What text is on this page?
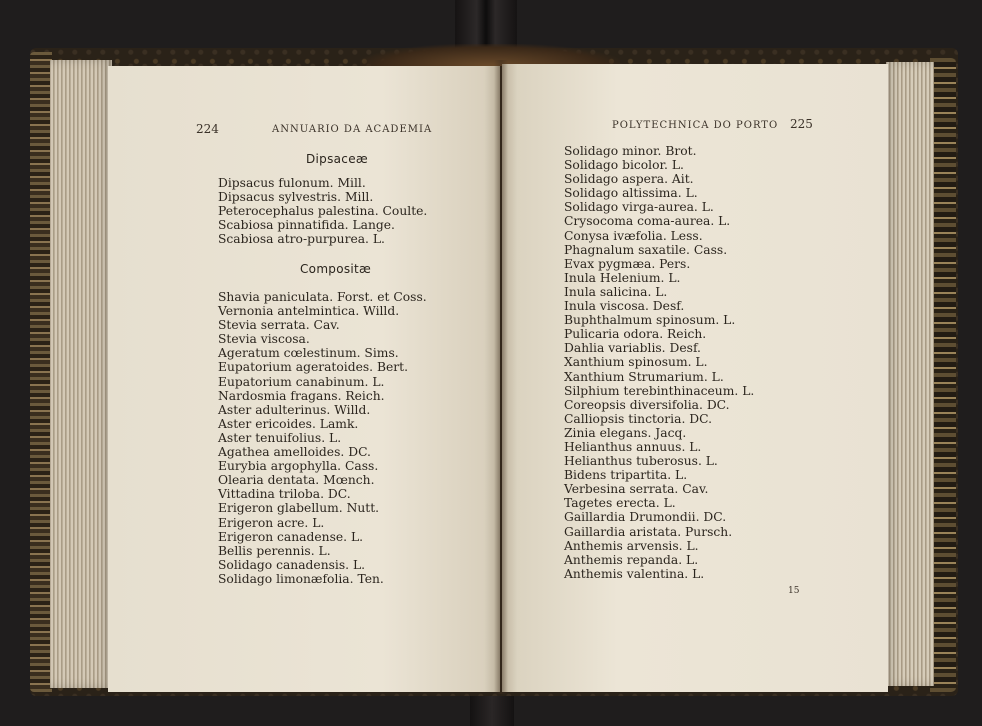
224	ANNUARIO DA ACADEMIA
Dipsaceæ
Dipsacus fulonum. Mill.
Dipsacus sylvestris. Mill.
Peterocephalus palestina. Coulte.
Scabiosa pinnatifida. Lange.
Scabiosa atro-purpurea. L.
Compositæ
Shavia paniculata. Forst. et Coss.
Vernonia antelmintica. Willd.
Stevia serrata. Cav.
Stevia viscosa.
Ageratum cœlestinum. Sims.
Eupatorium ageratoides. Bert.
Eupatorium canabinum. L.
Nardosmia fragans. Reich.
Aster adulterinus. Willd.
Aster ericoides. Lamk.
Aster tenuifolius. L.
Agathea amelloides. DC.
Eurybia argophylla. Cass.
Olearia dentata. Mœnch.
Vittadina triloba. DC.
Erigeron glabellum. Nutt.
Erigeron acre. L.
Erigeron canadense. L.
Bellis perennis. L.
Solidago canadensis. L.
Solidago limonæfolia. Ten.
POLYTECHNICA DO PORTO 225
Solidago minor. Brot.
Solidago bicolor. L.
Solidago aspera. Ait.
Solidago altissima. L.
Solidago virga-aurea. L.
Crysocoma coma-aurea. L.
Conysa ivæfolia. Less.
Phagnalum saxatile. Cass.
Evax pygmæa. Pers.
Inula Helenium. L.
Inula salicina. L.
Inula viscosa. Desf.
Buphthalmum spinosum. L.
Pulicaria odora. Reich.
Dahlia variablis. Desf.
Xanthium spinosum. L.
Xanthium Strumarium. L.
Silphium terebinthinaceum. L.
Coreopsis diversifolia. DC.
Calliopsis tinctoria. DC.
Zinia elegans. Jacq.
Helianthus annuus. L.
Helianthus tuberosus. L.
Bidens tripartita. L.
Verbesina serrata. Cav.
Tagetes erecta. L.
Gaillardia Drumondii. DC.
Gaillardia aristata. Pursch.
Anthemis arvensis. L.
Anthemis repanda. L.
Anthemis valentina. L.
15
